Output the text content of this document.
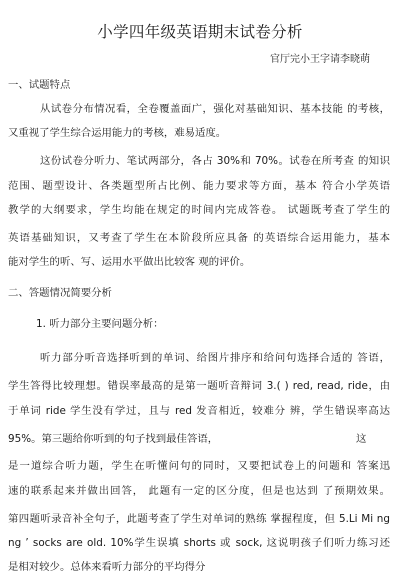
小学四年级英语期末试卷分析
官厅完小王字请李晓萌
一、试题特点
从试卷分布情况看，全卷覆盖面广，强化对基础知识、基本技能 的考核，
又重视了学生综合运用能力的考核，难易适度。
这份试卷分听力、笔试两部分，各占 30%和 70%。试卷在所考查 的知识
范围、题型设计、各类题型所占比例、能力要求等方面，基本 符合小学英语
教学的大纲要求，学生均能在规定的时间内完成答卷。 试题既考查了学生的
英语基础知识，又考查了学生在本阶段所应具备 的英语综合运用能力，基本
能对学生的听、写、运用水平做出比较客 观的评价。
二、答题情况简要分析
1. 听力部分主要问题分析：
听力部分听音选择听到的单词、给图片排序和给问句选择合适的 答语，
学生答得比较理想。错误率最高的是第一题听音辩词 3.( ) red, read, ride，由
于单词 ride 学生没有学过，且与 red 发音相近，较难分 辨，学生错误率高达
95%。第三题给你听到的句子找到最佳答语，	这
是一道综合听力题，学生在听懂问句的同时，又要把试卷上的问题和 答案迅
速的联系起来并做出回答， 此题有一定的区分度，但是也达到 了预期效果。
第四题听录音补全句子，此题考查了学生对单词的熟练 掌握程度，但 5.Li Mi ng
ng ’ socks are old. 10%学生误填 shorts 或 sock, 这说明孩子们听力练习还
是相对较少。总体来看听力部分的平均得分
